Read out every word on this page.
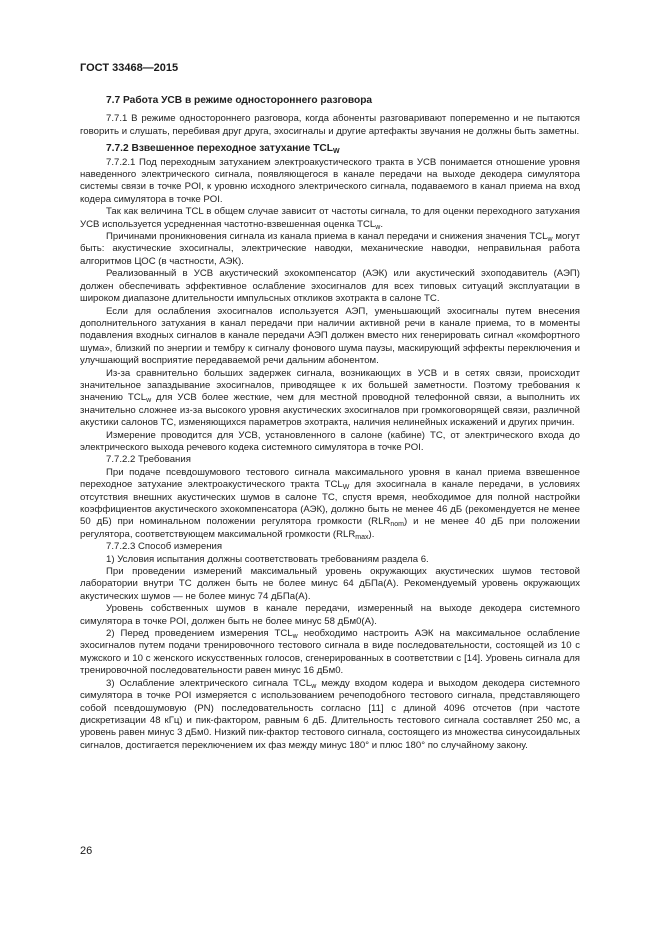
ГОСТ 33468—2015

7.7 Работа УСВ в режиме одностороннего разговора

7.7.1 В режиме одностороннего разговора, когда абоненты разговаривают попеременно и не пытаются говорить и слушать, перебивая друг друга, эхосигналы и другие артефакты звучания не должны быть заметны.

7.7.2 Взвешенное переходное затухание $TCL_W$

7.7.2.1 Под переходным затуханием электроакустического тракта в УСВ понимается отношение уровня наведенного электрического сигнала, появляющегося в канале передачи на выходе декодера симулятора системы связи в точке POI, к уровню исходного электрического сигнала, подаваемого в канал приема на вход кодера симулятора в точке POI.

Так как величина TCL в общем случае зависит от частоты сигнала, то для оценки переходного затухания УСВ используется усредненная частотно-взвешенная оценка $TCL_w$.

Причинами проникновения сигнала из канала приема в канал передачи и снижения значения $TCL_w$ могут быть: акустические эхосигналы, электрические наводки, механические наводки, неправильная работа алгоритмов ЦОС (в частности, АЭК).

Реализованный в УСВ акустический эхокомпенсатор (АЭК) или акустический эхоподавитель (АЭП) должен обеспечивать эффективное ослабление эхосигналов для всех типовых ситуаций эксплуатации в широком диапазоне длительности импульсных откликов эхотракта в салоне ТС.

Если для ослабления эхосигналов используется АЭП, уменьшающий эхосигналы путем внесения дополнительного затухания в канал передачи при наличии активной речи в канале приема, то в моменты подавления входных сигналов в канале передачи АЭП должен вместо них генерировать сигнал «комфортного шума», близкий по энергии и тембру к сигналу фонового шума паузы, маскирующий эффекты переключения и улучшающий восприятие передаваемой речи дальним абонентом.

Из-за сравнительно больших задержек сигнала, возникающих в УСВ и в сетях связи, происходит значительное запаздывание эхосигналов, приводящее к их большей заметности. Поэтому требования к значению $TCL_w$ для УСВ более жесткие, чем для местной проводной телефонной связи, а выполнить их значительно сложнее из-за высокого уровня акустических эхосигналов при громкоговорящей связи, различной акустики салонов ТС, изменяющихся параметров эхотракта, наличия нелинейных искажений и других причин.

Измерение проводится для УСВ, установленного в салоне (кабине) ТС, от электрического входа до электрического выхода речевого кодека системного симулятора в точке POI.

7.7.2.2 Требования

При подаче псевдошумового тестового сигнала максимального уровня в канал приема взвешенное переходное затухание электроакустического тракта $TCL_W$ для эхосигнала в канале передачи, в условиях отсутствия внешних акустических шумов в салоне ТС, спустя время, необходимое для полной настройки коэффициентов акустического эхокомпенсатора (АЭК), должно быть не менее 46 дБ (рекомендуется не менее 50 дБ) при номинальном положении регулятора громкости $(RLR_{nom})$ и не менее 40 дБ при положении регулятора, соответствующем максимальной громкости $(RLR_{max})$.

7.7.2.3 Способ измерения

1) Условия испытания должны соответствовать требованиям раздела 6.

При проведении измерений максимальный уровень окружающих акустических шумов тестовой лаборатории внутри ТС должен быть не более минус 64 дБПа(А). Рекомендуемый уровень окружающих акустических шумов — не более минус 74 дБПа(А).

Уровень собственных шумов в канале передачи, измеренный на выходе декодера системного симулятора в точке POI, должен быть не более минус 58 дБм0(А).

2) Перед проведением измерения $TCL_w$ необходимо настроить АЭК на максимальное ослабление эхосигналов путем подачи тренировочного тестового сигнала в виде последовательности, состоящей из 10 с мужского и 10 с женского искусственных голосов, сгенерированных в соответствии с [14]. Уровень сигнала для тренировочной последовательности равен минус 16 дБм0.

3) Ослабление электрического сигнала $TCL_w$ между входом кодера и выходом декодера системного симулятора в точке POI измеряется с использованием речеподобного тестового сигнала, представляющего собой псевдошумовую (PN) последовательность согласно [11] с длиной 4096 отсчетов (при частоте дискретизации 48 кГц) и пик-фактором, равным 6 дБ. Длительность тестового сигнала составляет 250 мс, а уровень равен минус 3 дБм0. Низкий пик-фактор тестового сигнала, состоящего из множества синусоидальных сигналов, достигается переключением их фаз между минус 180° и плюс 180° по случайному закону.

26
